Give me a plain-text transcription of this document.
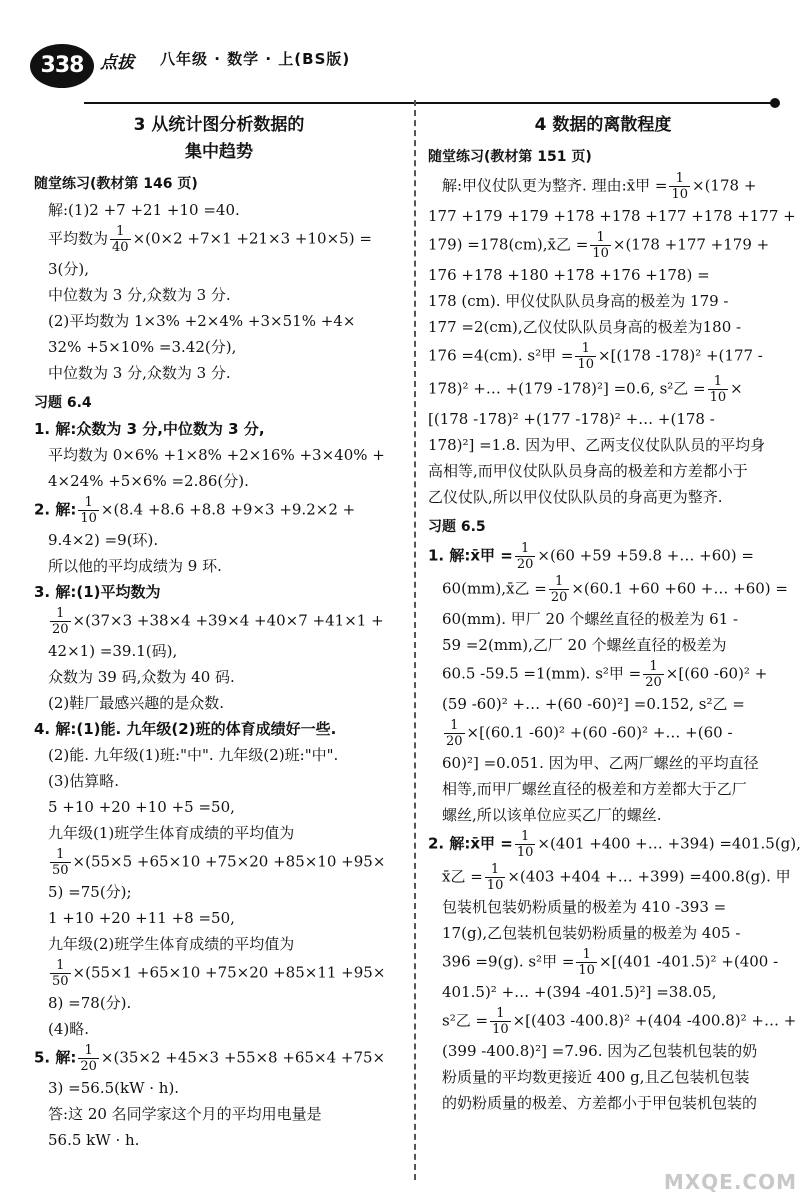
338 点拔 八年级 · 数学 · 上(BS版)
3 从统计图分析数据的
集中趋势
随堂练习(教材第 146 页)
解:(1)2 +7 +21 +10 =40.
平均数为 $\frac{1}{40} \times(0\times 2 +7\times 1 +21\times 3 +10\times 5)$ =
3(分),
中位数为 3 分,众数为 3 分.
(2)平均数为 1×3% +2×4% +3×51% +4×
32% +5×10% =3.42(分),
中位数为 3 分,众数为 3 分.
习题 6.4
1. 解:众数为 3 分,中位数为 3 分,
平均数为 0×6% +1×8% +2×16% +3×40% +
4×24% +5×6% =2.86(分).
2. 解: $\frac{1}{10} \times(8.4 +8.6 +8.8 +9\times 3 +9.2\times 2$ +
9.4×2) =9(环).
所以他的平均成绩为 9 环.
3. 解:(1)平均数为
$\frac{1}{20} \times(37\times 3 +38\times 4 +39\times 4 +40\times 7 +41\times 1$ +
42×1) =39.1(码),
众数为 39 码,众数为 40 码.
(2)鞋厂最感兴趣的是众数.
4. 解:(1)能. 九年级(2)班的体育成绩好一些.
(2)能. 九年级(1)班:"中". 九年级(2)班:"中".
(3)估算略.
5 +10 +20 +10 +5 =50,
九年级(1)班学生体育成绩的平均值为
$\frac{1}{50} \times(55\times 5 +65\times 10 +75\times 20 +85\times 10 +95\times$
5) =75(分);
1 +10 +20 +11 +8 =50,
九年级(2)班学生体育成绩的平均值为
$\frac{1}{50} \times(55\times 1 +65\times 10 +75\times 20 +85\times 11 +95\times$
8) =78(分).
(4)略.
5. 解: $\frac{1}{20} \times(35\times 2 +45\times 3 +55\times 8 +65\times 4 +75\times$
3) =56.5(kW · h).
答:这 20 名同学家这个月的平均用电量是
56.5 kW · h.
4 数据的离散程度
随堂练习(教材第 151 页)
解:甲仪仗队更为整齐. 理由:x̄甲 = $\frac{1}{10} \times(178$ +
177 +179 +179 +178 +178 +177 +178 +177 +
179) =178(cm),x̄乙 = $\frac{1}{10} \times(178 +177 +179$ +
176 +178 +180 +178 +176 +178) =
178 (cm). 甲仪仗队队员身高的极差为 179 -
177 =2(cm),乙仪仗队队员身高的极差为180 -
176 =4(cm). s²甲 = $\frac{1}{10} \times[(178$ -178)² +(177 -
178)² +… +(179 -178)²] =0.6, s²乙 = $\frac{1}{10}$ ×
[(178 -178)² +(177 -178)² +… +(178 -
178)²] =1.8. 因为甲、乙两支仪仗队队员的平均身
高相等,而甲仪仗队队员身高的极差和方差都小于
乙仪仗队,所以甲仪仗队队员的身高更为整齐.
习题 6.5
1. 解:x̄甲 = $\frac{1}{20} \times(60 +59 +59.8$ +… +60) =
60(mm),x̄乙 = $\frac{1}{20} \times(60.1 +60 +60$ +… +60) =
60(mm). 甲厂 20 个螺丝直径的极差为 61 -
59 =2(mm),乙厂 20 个螺丝直径的极差为
60.5 -59.5 =1(mm). s²甲 = $\frac{1}{20} \times[(60$ -60)² +
(59 -60)² +… +(60 -60)²] =0.152, s²乙 =
$\frac{1}{20} \times[(60.1$ -60)² +(60 -60)² +… +(60 -
60)²] =0.051. 因为甲、乙两厂螺丝的平均直径
相等,而甲厂螺丝直径的极差和方差都大于乙厂
螺丝,所以该单位应买乙厂的螺丝.
2. 解:x̄甲 = $\frac{1}{10} \times(401 +400$ +… +394) =401.5(g),
x̄乙 = $\frac{1}{10} \times(403 +404$ +… +399) =400.8(g). 甲
包装机包装奶粉质量的极差为 410 -393 =
17(g),乙包装机包装奶粉质量的极差为 405 -
396 =9(g). s²甲 = $\frac{1}{10} \times[(401$ -401.5)² +(400 -
401.5)² +… +(394 -401.5)²] =38.05,
s²乙 = $\frac{1}{10} \times[(403$ -400.8)² +(404 -400.8)² +… +
(399 -400.8)²] =7.96. 因为乙包装机包装的奶
粉质量的平均数更接近 400 g,且乙包装机包装
的奶粉质量的极差、方差都小于甲包装机包装的
MXQE.COM
